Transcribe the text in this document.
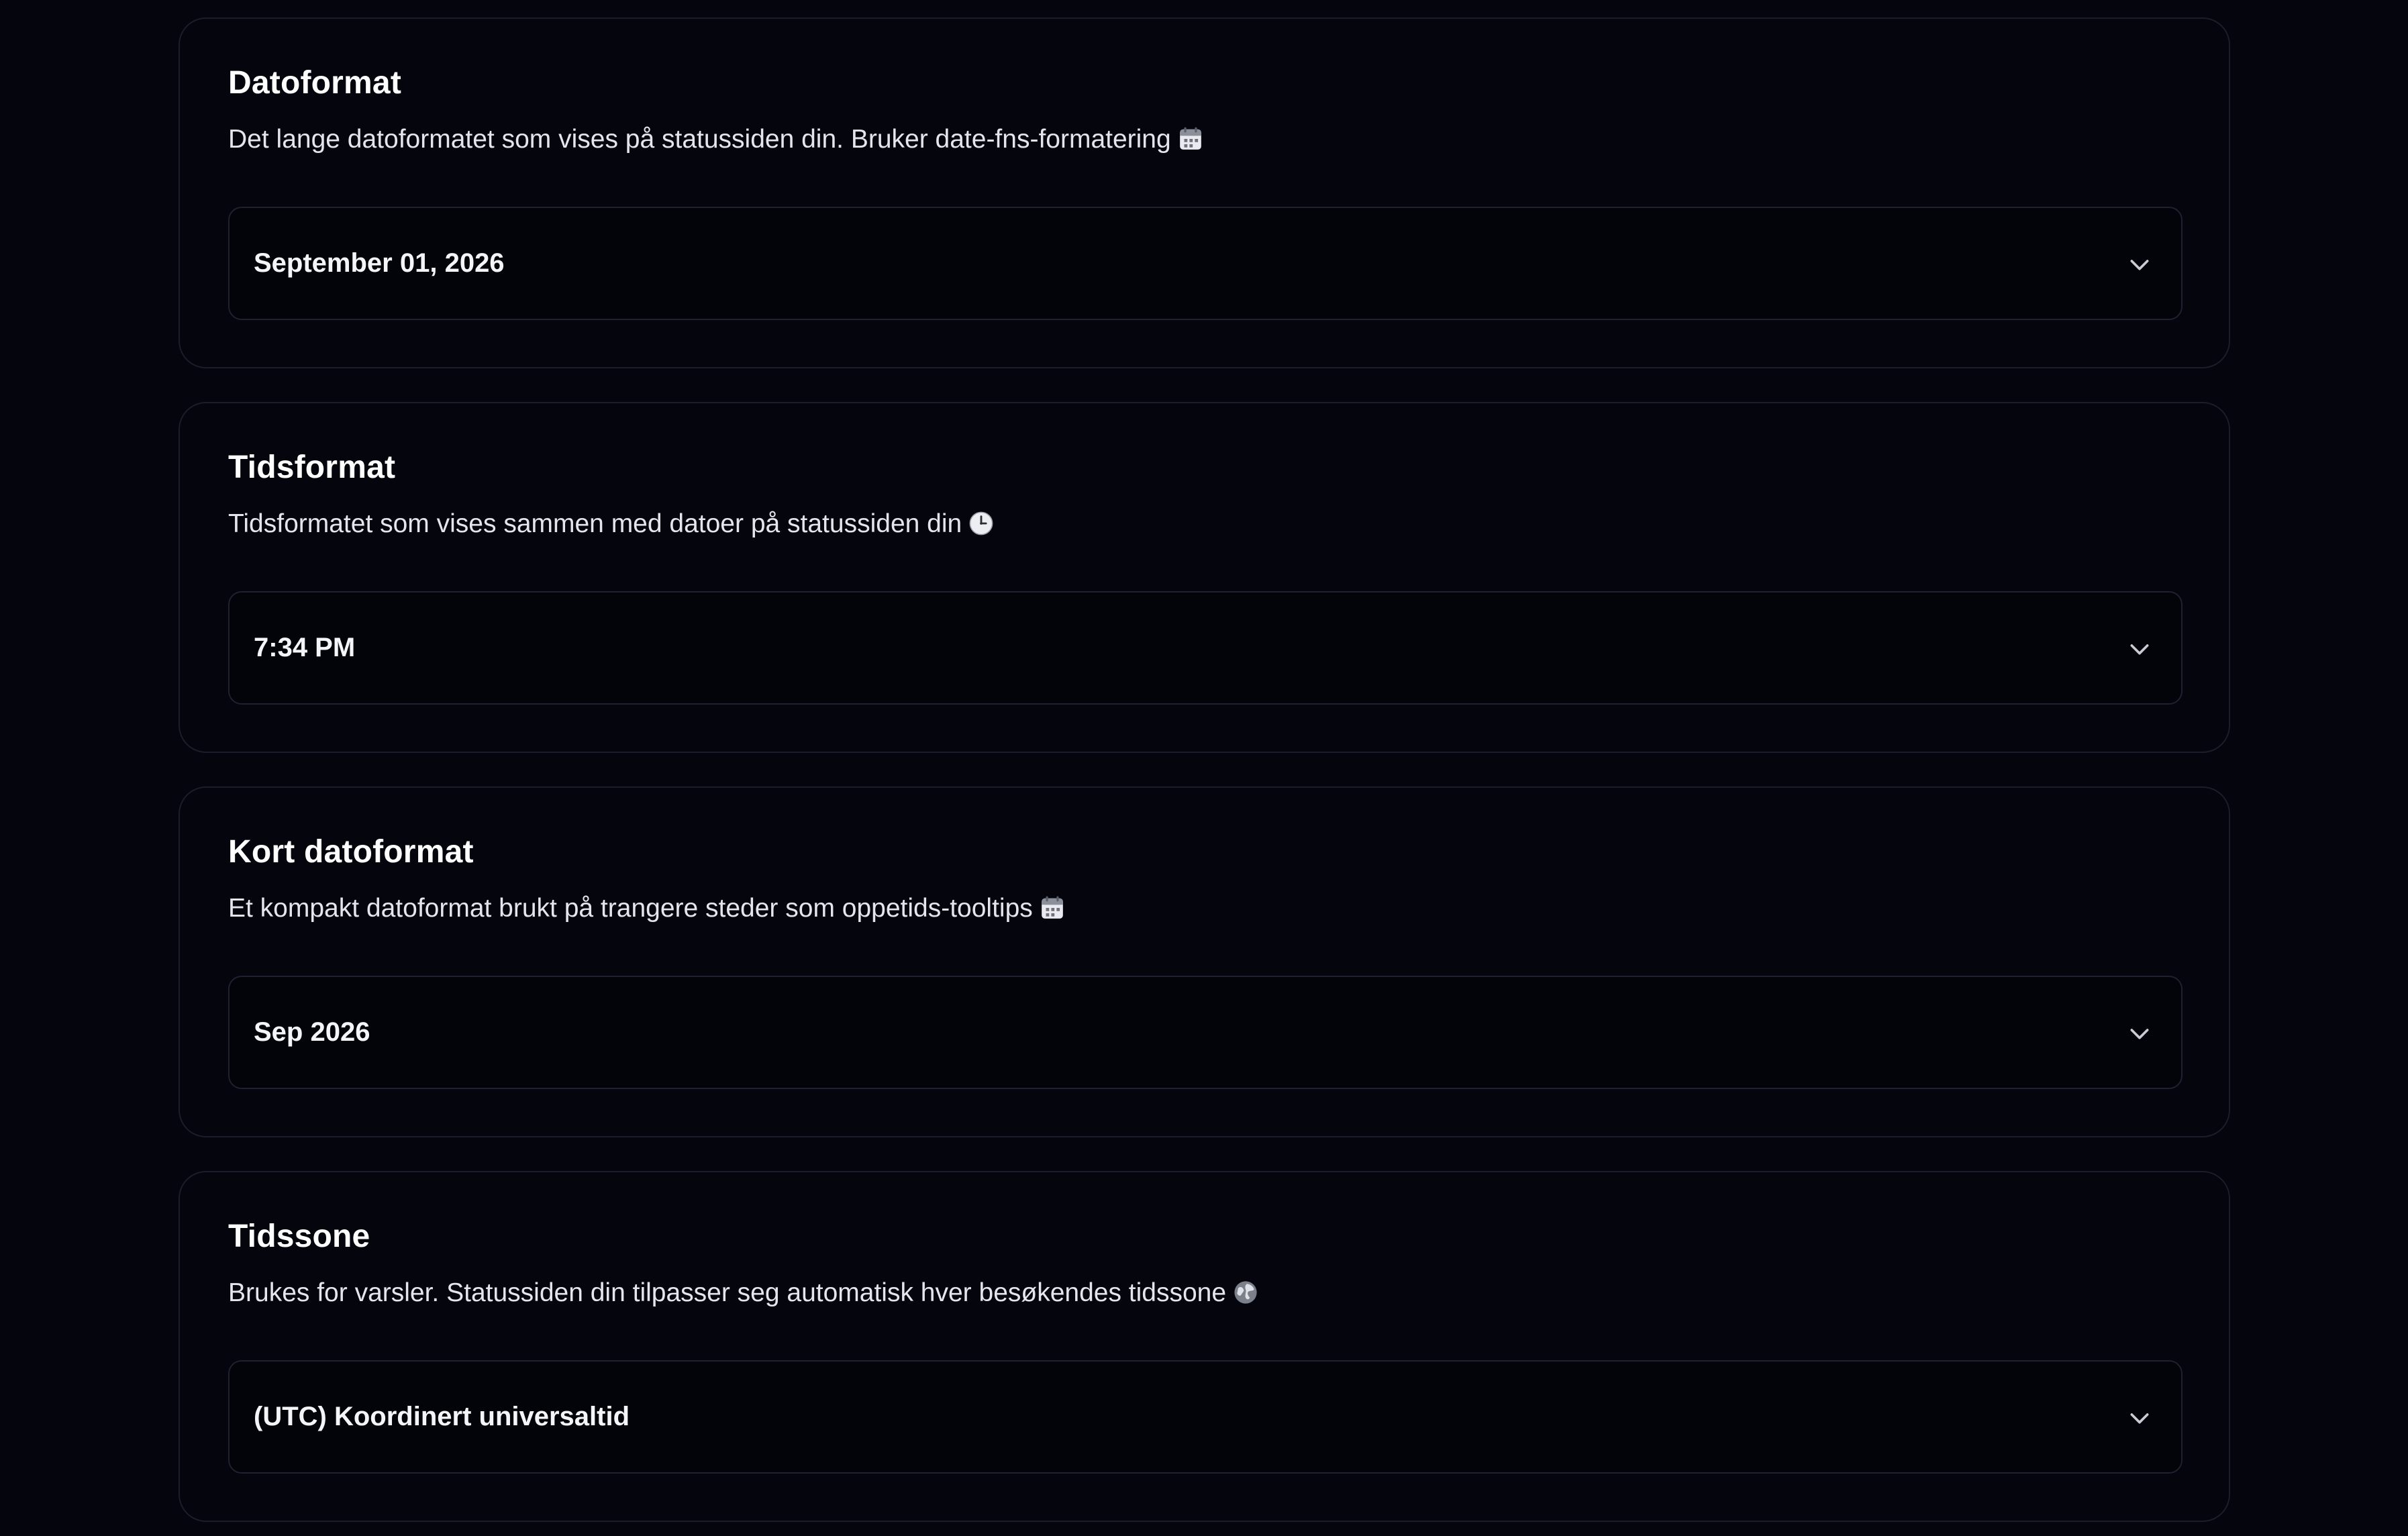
Datoformat

Det lange datoformatet som vises på statussiden din. Bruker date-fns-formatering

September 01, 2026
Tidsformat

Tidsformatet som vises sammen med datoer på statussiden din

7:34 PM
Kort datoformat

Et kompakt datoformat brukt på trangere steder som oppetids-tooltips

Sep 2026
Tidssone

Brukes for varsler. Statussiden din tilpasser seg automatisk hver besøkendes tidssone

(UTC) Koordinert universaltid
